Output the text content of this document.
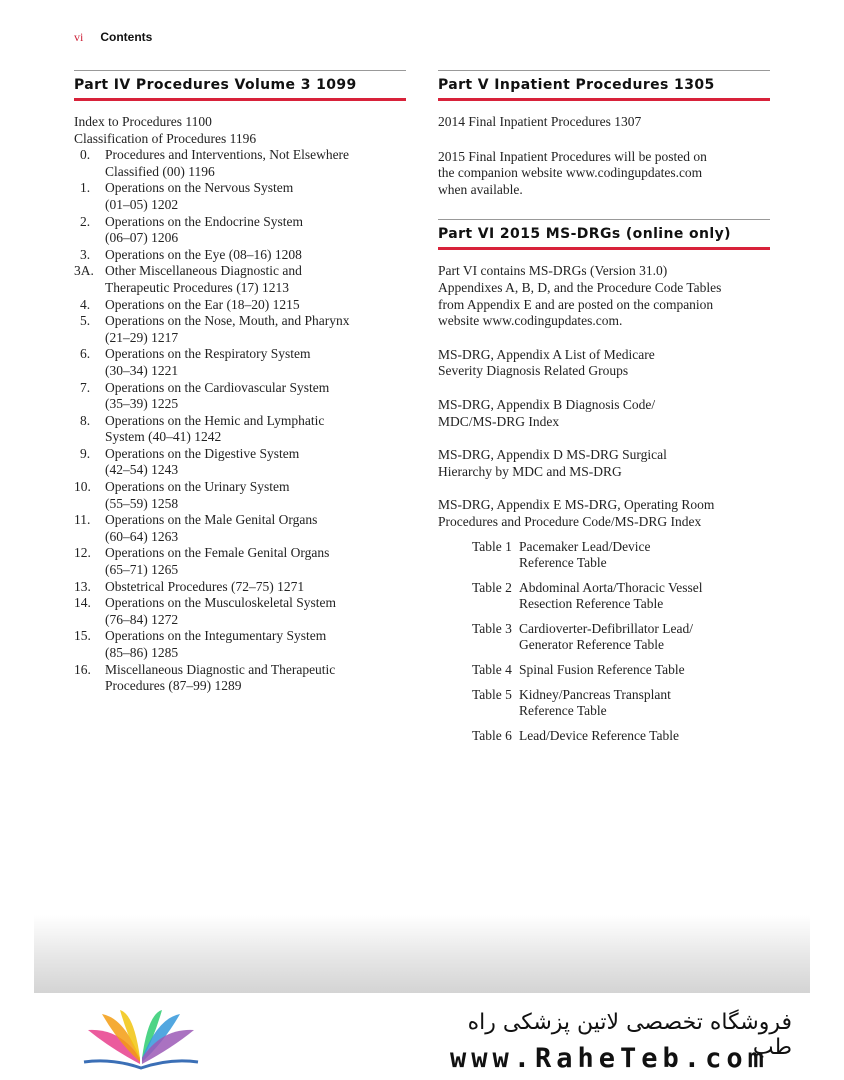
vi Contents
Part IV Procedures Volume 3 1099
Index to Procedures 1100
Classification of Procedures 1196
0.	Procedures and Interventions, Not Elsewhere
Classified (00) 1196
1.	Operations on the Nervous System
(01–05) 1202
2.	Operations on the Endocrine System
(06–07) 1206
3.	Operations on the Eye (08–16) 1208
3A. Other Miscellaneous Diagnostic and
Therapeutic Procedures (17) 1213
4.	Operations on the Ear (18–20) 1215
5.	Operations on the Nose, Mouth, and Pharynx
(21–29) 1217
6.	Operations on the Respiratory System
(30–34) 1221
7.	Operations on the Cardiovascular System
(35–39) 1225
8.	Operations on the Hemic and Lymphatic
System (40–41) 1242
9.	Operations on the Digestive System
(42–54) 1243
10.	Operations on the Urinary System
(55–59) 1258
11.	Operations on the Male Genital Organs
(60–64) 1263
12.	Operations on the Female Genital Organs
(65–71) 1265
13.	Obstetrical Procedures (72–75) 1271
14.	Operations on the Musculoskeletal System
(76–84) 1272
15.	Operations on the Integumentary System
(85–86) 1285
16.	Miscellaneous Diagnostic and Therapeutic
Procedures (87–99) 1289
Part V Inpatient Procedures 1305
2014 Final Inpatient Procedures 1307
2015 Final Inpatient Procedures will be posted on
the companion website www.codingupdates.com
when available.
Part VI 2015 MS-DRGs (online only)
Part VI contains MS-DRGs (Version 31.0)
Appendixes A, B, D, and the Procedure Code Tables
from Appendix E and are posted on the companion
website www.codingupdates.com.
MS-DRG, Appendix A List of Medicare
Severity Diagnosis Related Groups
MS-DRG, Appendix B Diagnosis Code/
MDC/MS-DRG Index
MS-DRG, Appendix D MS-DRG Surgical
Hierarchy by MDC and MS-DRG
MS-DRG, Appendix E MS-DRG, Operating Room
Procedures and Procedure Code/MS-DRG Index
Table 1 Pacemaker Lead/Device
Reference Table
Table 2 Abdominal Aorta/Thoracic Vessel
Resection Reference Table
Table 3 Cardioverter-Defibrillator Lead/
Generator Reference Table
Table 4 Spinal Fusion Reference Table
Table 5 Kidney/Pancreas Transplant
Reference Table
Table 6 Lead/Device Reference Table
فروشگاه تخصصی لاتین پزشکی راه طب
www.RaheTeb.com
